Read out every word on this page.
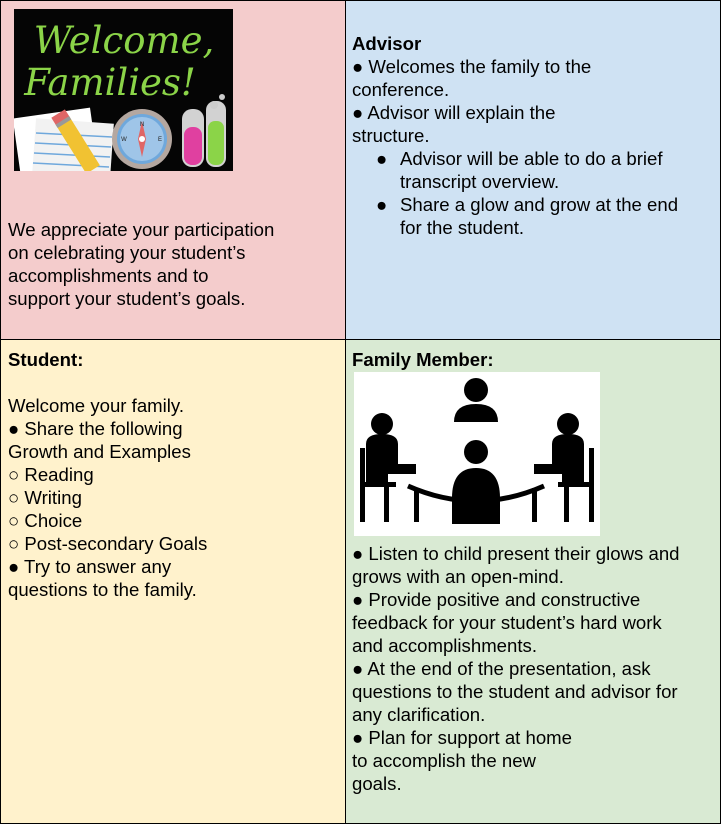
Welcome,
Families!
N
W	E

We appreciate your participation

on celebrating your student’s

accomplishments and to

support your student’s goals.

Advisor

● Welcomes the family to the

conference.

● Advisor will explain the

structure.

● Advisor will be able to do a brief
transcript overview.
● Share a glow and grow at the end
for the student.

Student:

Welcome your family.

● Share the following

Growth and Examples

○ Reading

○ Writing

○ Choice

○ Post-secondary Goals

● Try to answer any

questions to the family.

Family Member:

● Listen to child present their glows and

grows with an open-mind.

● Provide positive and constructive

feedback for your student’s hard work

and accomplishments.

● At the end of the presentation, ask

questions to the student and advisor for

any clarification.

● Plan for support at home

to accomplish the new

goals.
